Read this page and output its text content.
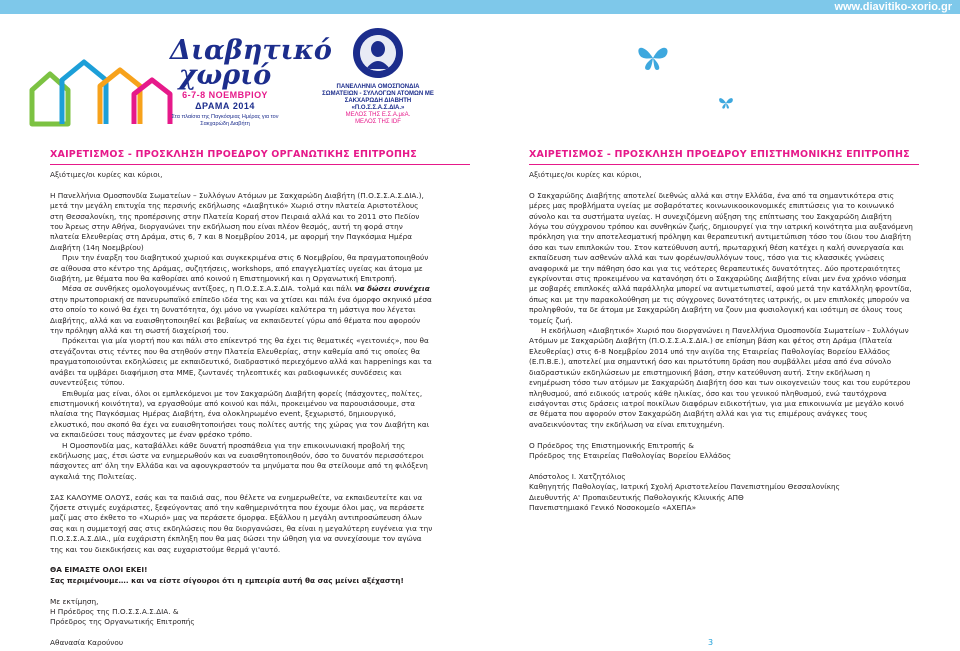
www.diavitiko-xorio.gr
Διαβητικό χωριό
6-7-8 ΝΟΕΜΒΡΙΟΥ
ΔΡΑΜΑ 2014
Στα πλαίσια της Παγκόσμιας Ημέρας για τον Σακχαρώδη Διαβήτη
ΠΑΝΕΛΛΗΝΙΑ ΟΜΟΣΠΟΝΔΙΑ ΣΩΜΑΤΕΙΩΝ - ΣΥΛΛΟΓΩΝ ΑΤΟΜΩΝ ΜΕ ΣΑΚΧΑΡΩΔΗ ΔΙΑΒΗΤΗ «Π.Ο.Σ.Σ.Α.Σ.ΔΙΑ.»
ΜΕΛΟΣ ΤΗΣ Ε.Σ.Α.μεΑ.
ΜΕΛΟΣ ΤΗΣ IDF
ΧΑΙΡΕΤΙΣΜΟΣ - ΠΡΟΣΚΛΗΣΗ ΠΡΟΕΔΡΟΥ ΟΡΓΑΝΩΤΙΚΗΣ ΕΠΙΤΡΟΠΗΣ	ΧΑΙΡΕΤΙΣΜΟΣ - ΠΡΟΣΚΛΗΣΗ ΠΡΟΕΔΡΟΥ ΕΠΙΣΤΗΜΟΝΙΚΗΣ ΕΠΙΤΡΟΠΗΣ

Αξιότιμες/οι κυρίες και κύριοι,

Η Πανελλήνια Ομοσπονδία Σωματείων – Συλλόγων Ατόμων με Σακχαρώδη Διαβήτη (Π.Ο.Σ.Σ.Α.Σ.ΔΙΑ.), μετά την μεγάλη επιτυχία της περσινής εκδήλωσης «Διαβητικό» Χωριό στην πλατεία Αριστοτέλους στη Θεσσαλονίκη, της προπέρσινης στην Πλατεία Κοραή στον Πειραιά αλλά και το 2011 στο Πεδίον του Άρεως στην Αθήνα, διοργανώνει την εκδήλωση που είναι πλέον θεσμός, αυτή τη φορά στην πλατεία Ελευθερίας στη Δράμα, στις 6, 7 και 8 Νοεμβρίου 2014, με αφορμή την Παγκόσμια Ημέρα Διαβήτη (14η Νοεμβρίου)

Πριν την έναρξη του διαβητικού χωριού και συγκεκριμένα στις 6 Νοεμβρίου, θα πραγματοποιηθούν σε αίθουσα στο κέντρο της Δράμας, συζητήσεις, workshops, από επαγγελματίες υγείας και άτομα με διαβήτη, με θέματα που θα καθορίσει από κοινού η Επιστημονική και η Οργανωτική Επιτροπή.

Μέσα σε συνθήκες ομολογουμένως αντίξοες, η Π.Ο.Σ.Σ.Α.Σ.ΔΙΑ. τολμά και πάλι να δώσει συνέχεια στην πρωτοποριακή σε πανευρωπαϊκό επίπεδο ιδέα της και να χτίσει και πάλι ένα όμορφο σκηνικό μέσα στο οποίο το κοινό θα έχει τη δυνατότητα, όχι μόνο να γνωρίσει καλύτερα τη μάστιγα που λέγεται Διαβήτης, αλλά και να ευαισθητοποιηθεί και βεβαίως να εκπαιδευτεί γύρω από θέματα που αφορούν την πρόληψη αλλά και τη σωστή διαχείρισή του.

Πρόκειται για μία γιορτή που και πάλι στο επίκεντρό της θα έχει τις θεματικές «γειτονιές», που θα στεγάζονται στις τέντες που θα στηθούν στην Πλατεία Ελευθερίας, στην καθεμία από τις οποίες θα πραγματοποιούνται εκδηλώσεις με εκπαιδευτικό, διαδραστικό περιεχόμενο αλλά και happenings και τα ανάβει τα υμβάρει διαφήμιση στα ΜΜΕ, ζωντανές τηλεοπτικές και ραδιοφωνικές συνδέσεις και συνεντεύξεις τύπου.

Επιθυμία μας είναι, όλοι οι εμπλεκόμενοι με τον Σακχαρώδη Διαβήτη φορείς (πάσχοντες, πολίτες, επιστημονική κοινότητα), να εργασθούμε από κοινού και πάλι, προκειμένου να παρουσιάσουμε, στα πλαίσια της Παγκόσμιας Ημέρας Διαβήτη, ένα ολοκληρωμένο event, ξεχωριστό, δημιουργικό, ελκυστικό, που σκοπό θα έχει να ευαισθητοποιήσει τους πολίτες αυτής της χώρας για τον Διαβήτη και να εκπαιδεύσει τους πάσχοντες με έναν φρέσκο τρόπο.

Η Ομοσπονδία μας, καταβάλλει κάθε δυνατή προσπάθεια για την επικοινωνιακή προβολή της εκδήλωσης μας, έτσι ώστε να ενημερωθούν και να ευαισθητοποιηθούν, όσο το δυνατόν περισσότεροι πάσχοντες απ' όλη την Ελλάδα και να αφουγκραστούν τα μηνύματα που θα στείλουμε από τη φιλόξενη αγκαλιά της Πολιτείας.

ΣΑΣ ΚΑΛΟΥΜΕ ΟΛΟΥΣ, εσάς και τα παιδιά σας, που θέλετε να ενημερωθείτε, να εκπαιδευτείτε και να ζήσετε στιγμές ευχάριστες, ξεφεύγοντας από την καθημερινότητα που έχουμε όλοι μας, να περάσετε μαζί μας στο έκθετο το «Χωριό» μας να περάσετε όμορφα. Εξάλλου η μεγάλη αντιπροσώπευση όλων

σας και η συμμετοχή σας στις εκδηλώσεις που θα διοργανώσει, θα είναι η μεγαλύτερη ευγένεια για την Π.Ο.Σ.Σ.Α.Σ.ΔΙΑ., μία ευχάριστη έκπληξη που θα μας δώσει την ώθηση για να συνεχίσουμε τον αγώνα της και του διεκδικήσεις και σας ευχαριστούμε θερμά γι'αυτό.

ΘΑ ΕΙΜΑΣΤΕ ΟΛΟΙ ΕΚΕΙ!

Σας περιμένουμε…. και να είστε σίγουροι ότι η εμπειρία αυτή θα σας μείνει αξέχαστη!

Με εκτίμηση,

Η Πρόεδρος της Π.Ο.Σ.Σ.Α.Σ.ΔΙΑ. &

Πρόεδρος της Οργανωτικής Επιτροπής

Αθανασία Καρούνου

Αξιότιμες/οι κυρίες και κύριοι,

Ο Σακχαρώδης Διαβήτης αποτελεί διεθνώς αλλά και στην Ελλάδα, ένα από τα σημαντικότερα στις μέρες μας προβλήματα υγείας με σοβαρότατες κοινωνικοοικονομικές επιπτώσεις για το κοινωνικό σύνολο και τα συστήματα υγείας. Η συνεχιζόμενη αύξηση της επίπτωσης του Σακχαρώδη Διαβήτη λόγω του σύγχρονου τρόπου και συνθηκών ζωής, δημιουργεί για την ιατρική κοινότητα μια αυξανόμενη πρόκληση για την αποτελεσματική πρόληψη και θεραπευτική αντιμετώπιση τόσο του ίδιου του Διαβήτη όσο και των επιπλοκών του. Στον κατεύθυνση αυτή, πρωταρχική θέση κατέχει η καλή συνεργασία και εκπαίδευση των ασθενών αλλά και των φορέων/συλλόγων τους, τόσο για τις κλασσικές γνώσεις αναφορικά με την πάθηση όσο και για τις νεότερες θεραπευτικές δυνατότητες. Δύο προτεραιότητες εγκρίνονται στις προκειμένου να κατανόηση ότι ο Σακχαρώδης Διαβήτης είναι μεν ένα χρόνιο νόσημα με σοβαρές επιπλοκές αλλά παράλληλα μπορεί να αντιμετωπιστεί, αφού μετά την κατάλληλη φροντίδα, όπως και με την παρακολούθηση με τις σύγχρονες δυνατότητες ιατρικής, οι μεν επιπλοκές μπορούν να προληφθούν, τα δε άτομα με Σακχαρώδη Διαβήτη να ζουν μια φυσιολογική και ισότιμη σε όλους τους τομείς ζωή.

Η εκδήλωση «Διαβητικό» Χωριό που διοργανώνει η Πανελλήνια Ομοσπονδία Σωματείων - Συλλόγων Ατόμων με Σακχαρώδη Διαβήτη (Π.Ο.Σ.Σ.Α.Σ.ΔΙΑ.) σε επίσημη βάση και φέτος στη Δράμα (Πλατεία Ελευθερίας) στις 6-8 Νοεμβρίου 2014 υπό την αιγίδα της Εταιρείας Παθολογίας Βορείου Ελλάδος (Ε.Π.Β.Ε.), αποτελεί μια σημαντική όσο και πρωτότυπη δράση που συμβάλλει μέσα από ένα σύνολο διαδραστικών εκδηλώσεων με επιστημονική βάση, στην κατεύθυνση αυτή. Στην εκδήλωση η ενημέρωση τόσο των ατόμων με Σακχαρώδη Διαβήτη όσο και των οικογενειών τους και του ευρύτερου πληθυσμού, από ειδικούς ιατρούς κάθε ηλικίας, όσο και του γενικού πληθυσμού, ενώ ταυτόχρονα εισάγονται στις δράσεις ιατροί ποικίλων διαφόρων ειδικοτήτων, για μια επικοινωνία με μεγάλο κοινό σε θέματα που αφορούν στον Σακχαρώδη Διαβήτη αλλά και για τις επιμέρους ανάγκες τους αναδεικνύοντας την εκδήλωση να είναι επιτυχημένη.

Ο Πρόεδρος της Επιστημονικής Επιτροπής &

Πρόεδρος της Εταιρείας Παθολογίας Βορείου Ελλάδος

Απόστολος Ι. Χατζητόλιος

Καθηγητής Παθολογίας, Ιατρική Σχολή Αριστοτελείου Πανεπιστημίου Θεσσαλονίκης

Διευθυντής Α' Προπαιδευτικής Παθολογικής Κλινικής ΑΠΘ

Πανεπιστημιακό Γενικό Νοσοκομείο «ΑΧΕΠΑ»

3
